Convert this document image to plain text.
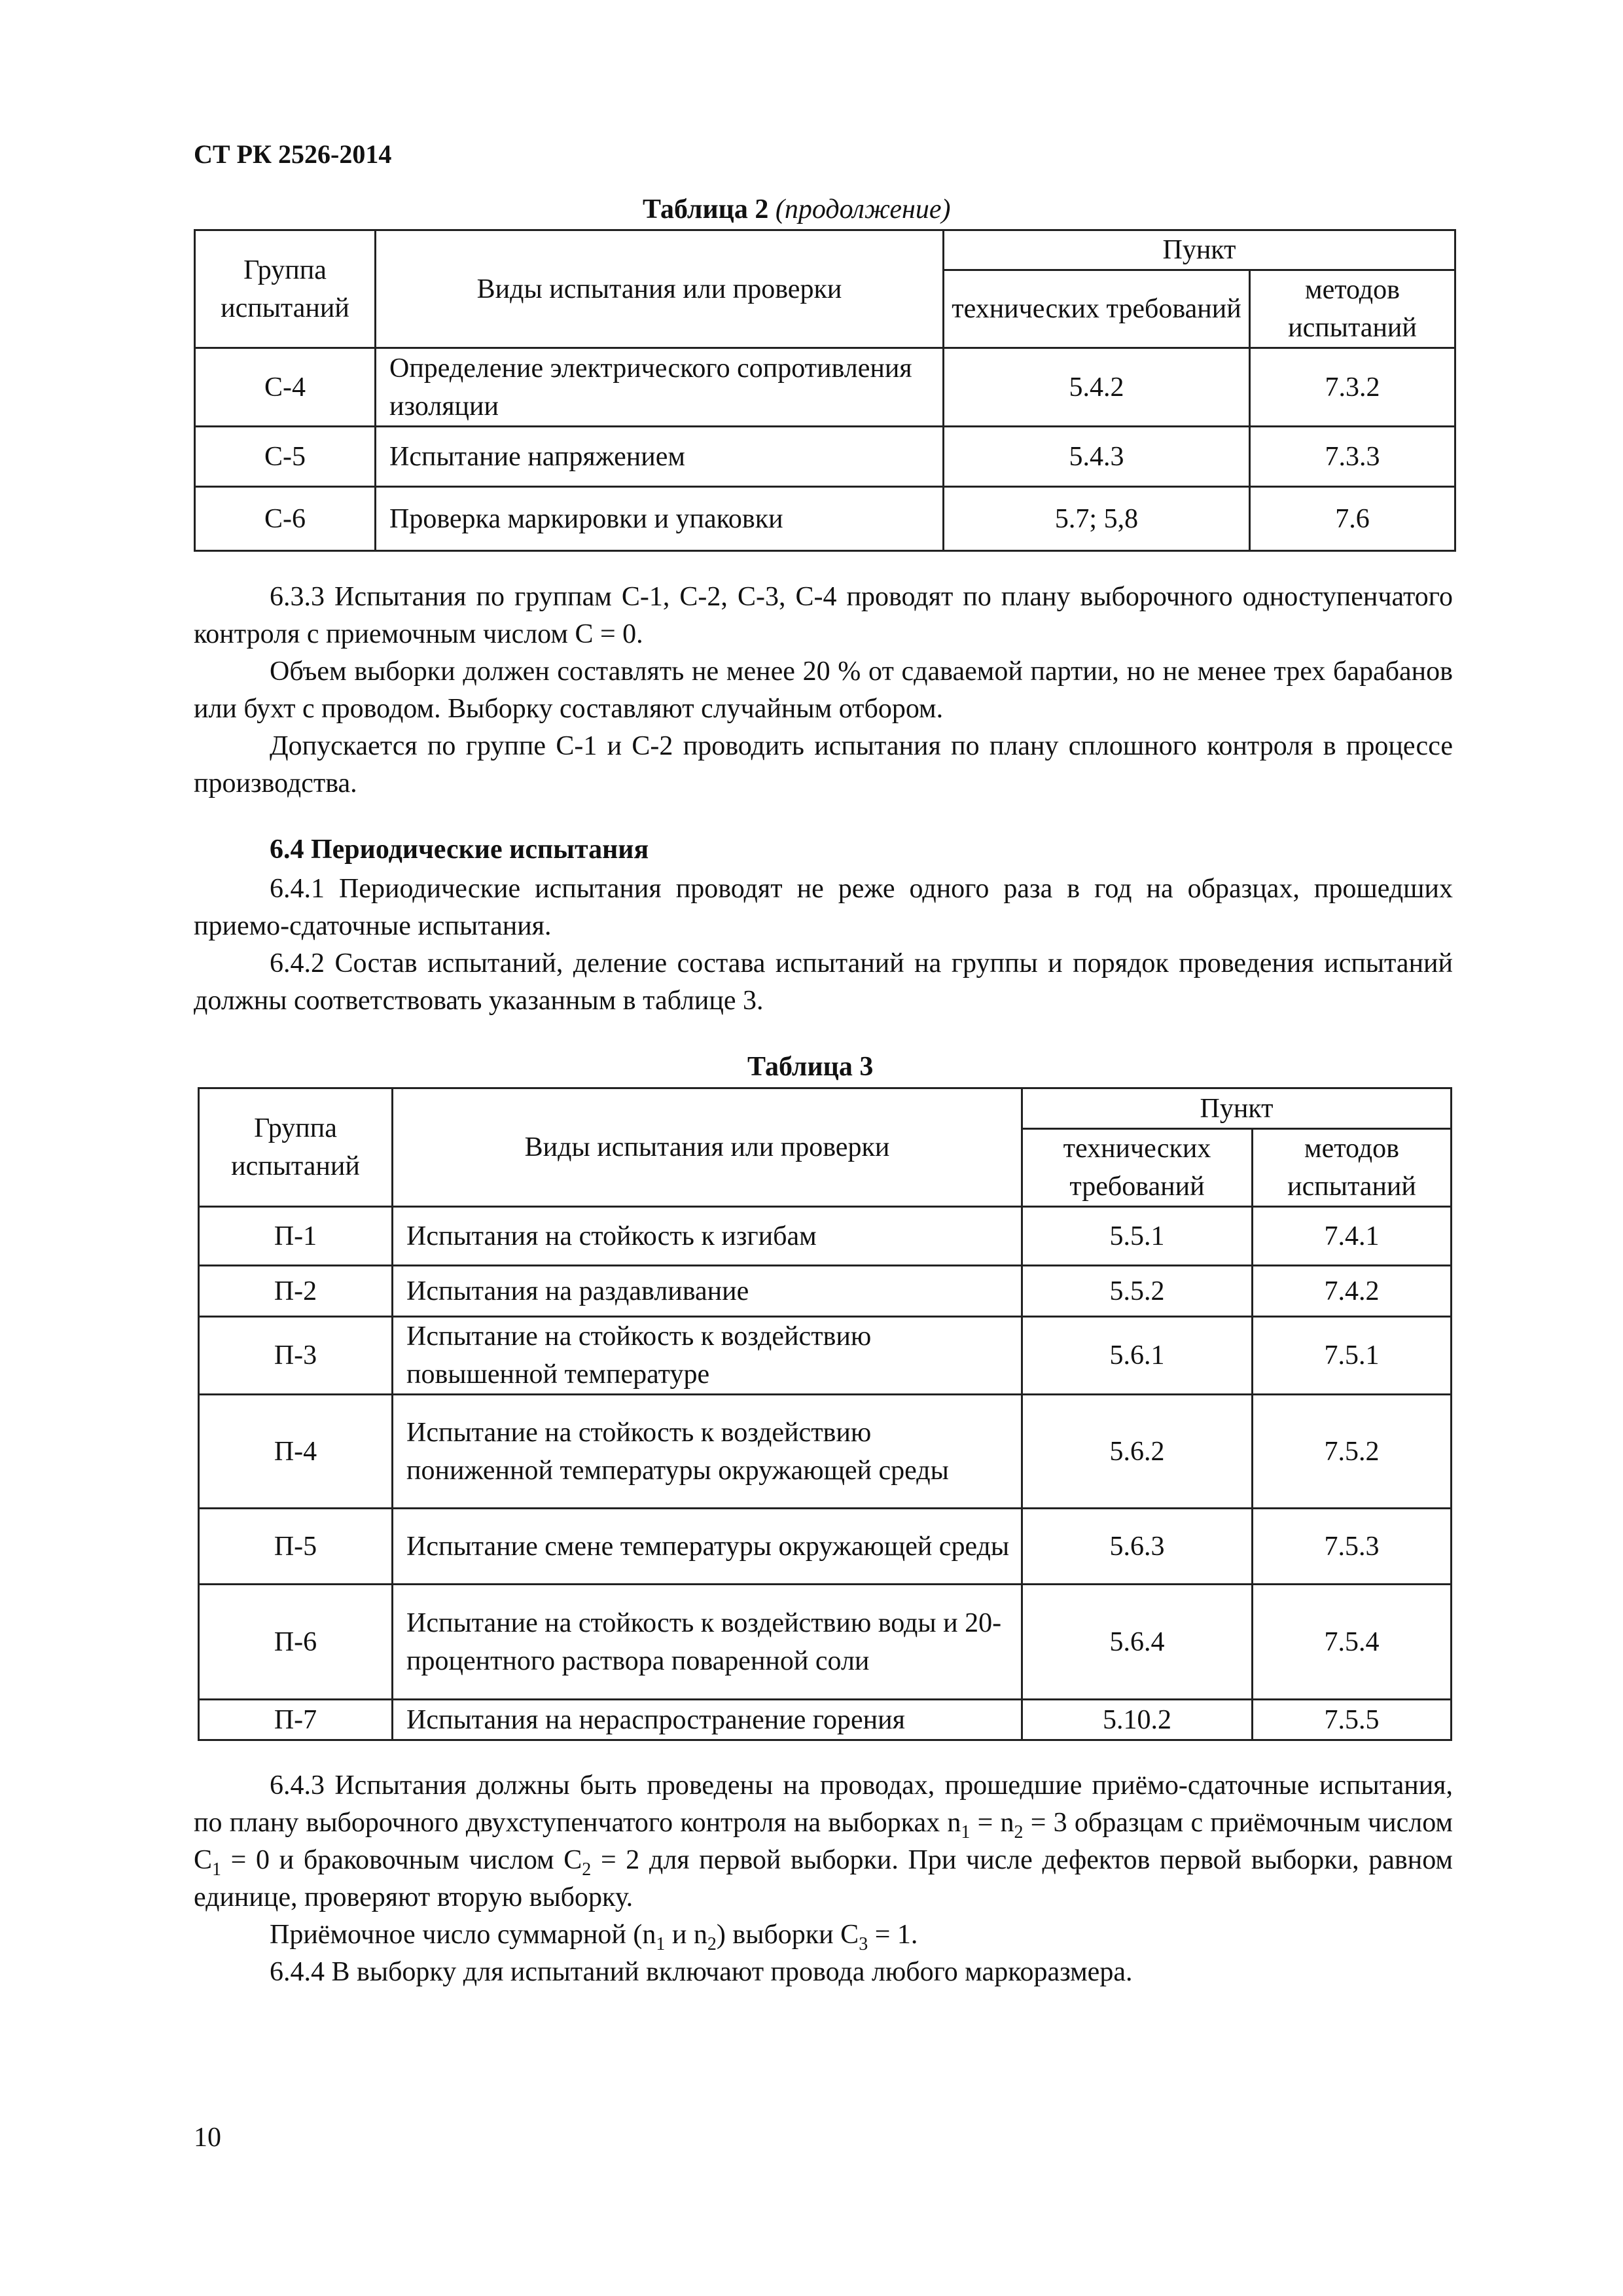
СТ РК 2526-2014
Таблица 2 (продолжение)
Группа испытаний	Виды испытания или проверки	Пункт	
		технических требований	методов испытаний
С-4	Определение электрического сопротивления изоляции	5.4.2	7.3.2
С-5	Испытание напряжением	5.4.3	7.3.3
С-6	Проверка маркировки и упаковки	5.7; 5,8	7.6

6.3.3 Испытания по группам С-1, С-2, С-3, С-4 проводят по плану выборочного одноступенчатого контроля с приемочным числом С = 0.

Объем выборки должен составлять не менее 20 % от сдаваемой партии, но не менее трех барабанов или бухт с проводом. Выборку составляют случайным отбором.

Допускается по группе С-1 и С-2 проводить испытания по плану сплошного контроля в процессе производства.

6.4 Периодические испытания

6.4.1 Периодические испытания проводят не реже одного раза в год на образцах, прошедших приемо-сдаточные испытания.

6.4.2 Состав испытаний, деление состава испытаний на группы и порядок проведения испытаний должны соответствовать указанным в таблице 3.

Таблица 3
Группа испытаний	Виды испытания или проверки	Пункт	
		технических требований	методов испытаний
П-1	Испытания на стойкость к изгибам	5.5.1	7.4.1
П-2	Испытания на раздавливание	5.5.2	7.4.2
П-3	Испытание на стойкость к воздействию повышенной температуре	5.6.1	7.5.1
П-4	Испытание на стойкость к воздействию пониженной температуры окружающей среды	5.6.2	7.5.2
П-5	Испытание смене температуры окружающей среды	5.6.3	7.5.3
П-6	Испытание на стойкость к воздействию воды и 20-процентного раствора поваренной соли	5.6.4	7.5.4
П-7	Испытания на нераспространение горения	5.10.2	7.5.5

6.4.3 Испытания должны быть проведены на проводах, прошедшие приёмо-сдаточные испытания, по плану выборочного двухступенчатого контроля на выборках $n_1 = n_2 = 3$ образцам с приёмочным числом $С_1 = 0$ и браковочным числом $С_2 = 2$ для первой выборки. При числе дефектов первой выборки, равном единице, проверяют вторую выборку.

Приёмочное число суммарной ($n_1$ и $n_2$) выборки $С_3 = 1$.

6.4.4 В выборку для испытаний включают провода любого маркоразмера.

10
